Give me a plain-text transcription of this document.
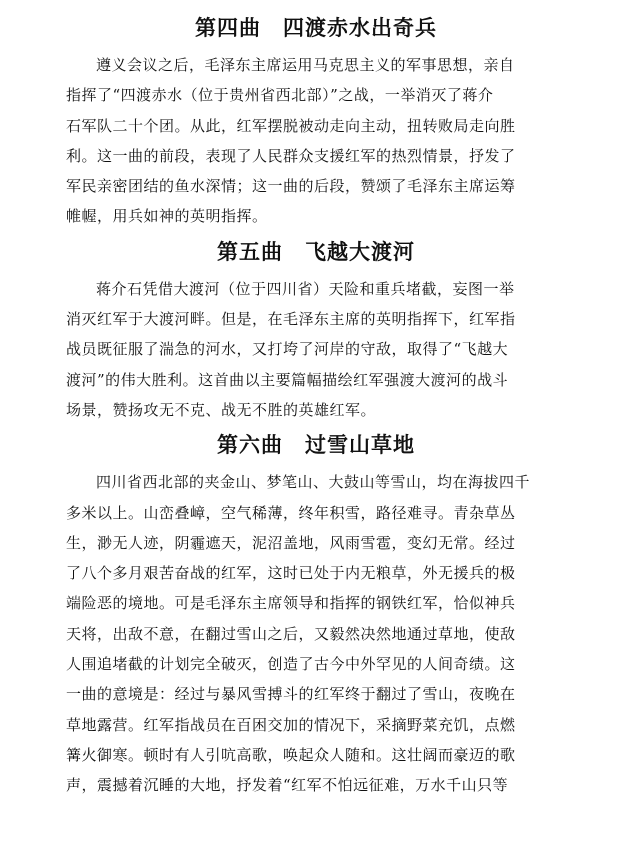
第四曲 四渡赤水出奇兵

遵义会议之后，毛泽东主席运用马克思主义的军事思想，亲自
指挥了“四渡赤水（位于贵州省西北部）”之战，一举消灭了蒋介
石军队二十个团。从此，红军摆脱被动走向主动，扭转败局走向胜
利。这一曲的前段，表现了人民群众支援红军的热烈情景，抒发了
军民亲密团结的鱼水深情；这一曲的后段，赞颂了毛泽东主席运筹
帷幄，用兵如神的英明指挥。

第五曲 飞越大渡河

蒋介石凭借大渡河（位于四川省）天险和重兵堵截，妄图一举
消灭红军于大渡河畔。但是，在毛泽东主席的英明指挥下，红军指
战员既征服了湍急的河水，又打垮了河岸的守敌，取得了“飞越大
渡河”的伟大胜利。这首曲以主要篇幅描绘红军强渡大渡河的战斗
场景，赞扬攻无不克、战无不胜的英雄红军。

第六曲 过雪山草地

四川省西北部的夹金山、梦笔山、大鼓山等雪山，均在海拔四千
多米以上。山峦叠嶂，空气稀薄，终年积雪，路径难寻。青杂草丛
生，渺无人迹，阴霾遮天，泥沼盖地，风雨雪雹，变幻无常。经过
了八个多月艰苦奋战的红军，这时已处于内无粮草，外无援兵的极
端险恶的境地。可是毛泽东主席领导和指挥的钢铁红军，恰似神兵
天将，出敌不意，在翻过雪山之后，又毅然决然地通过草地，使敌
人围追堵截的计划完全破灭，创造了古今中外罕见的人间奇绩。这
一曲的意境是：经过与暴风雪搏斗的红军终于翻过了雪山，夜晚在
草地露营。红军指战员在百困交加的情况下，采摘野菜充饥，点燃
篝火御寒。顿时有人引吭高歌，唤起众人随和。这壮阔而豪迈的歌
声，震撼着沉睡的大地，抒发着“红军不怕远征难，万水千山只等
